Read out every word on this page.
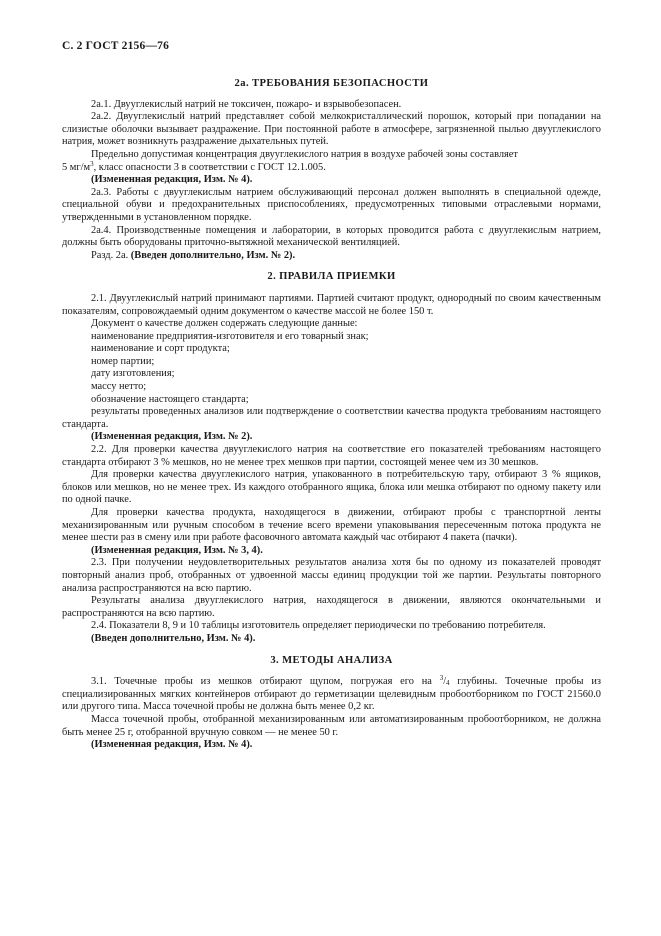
С. 2 ГОСТ 2156—76
2а. ТРЕБОВАНИЯ БЕЗОПАСНОСТИ

2а.1. Двууглекислый натрий не токсичен, пожаро- и взрывобезопасен.

2а.2. Двууглекислый натрий представляет собой мелкокристаллический порошок, который при попадании на слизистые оболочки вызывает раздражение. При постоянной работе в атмосфере, загрязненной пылью двууглекислого натрия, может возникнуть раздражение дыхательных путей.

Предельно допустимая концентрация двууглекислого натрия в воздухе рабочей зоны составляет

5 $мг/м^3$, класс опасности 3 в соответствии с ГОСТ 12.1.005.

(Измененная редакция, Изм. № 4).

2а.3. Работы с двууглекислым натрием обслуживающий персонал должен выполнять в специальной одежде, специальной обуви и предохранительных приспособлениях, предусмотренных типовыми отраслевыми нормами, утвержденными в установленном порядке.

2а.4. Производственные помещения и лаборатории, в которых проводится работа с двууглекислым натрием, должны быть оборудованы приточно-вытяжной механической вентиляцией.

Разд. 2а. (Введен дополнительно, Изм. № 2).

2. ПРАВИЛА ПРИЕМКИ

2.1. Двууглекислый натрий принимают партиями. Партией считают продукт, однородный по своим качественным показателям, сопровождаемый одним документом о качестве массой не более 150 т.

Документ о качестве должен содержать следующие данные:

наименование предприятия-изготовителя и его товарный знак;

наименование и сорт продукта;

номер партии;

дату изготовления;

массу нетто;

обозначение настоящего стандарта;

результаты проведенных анализов или подтверждение о соответствии качества продукта требованиям настоящего стандарта.

(Измененная редакция, Изм. № 2).

2.2. Для проверки качества двууглекислого натрия на соответствие его показателей требованиям настоящего стандарта отбирают 3 % мешков, но не менее трех мешков при партии, состоящей менее чем из 30 мешков.

Для проверки качества двууглекислого натрия, упакованного в потребительскую тару, отбирают 3 % ящиков, блоков или мешков, но не менее трех. Из каждого отобранного ящика, блока или мешка отбирают по одному пакету или по одной пачке.

Для проверки качества продукта, находящегося в движении, отбирают пробы с транспортной ленты механизированным или ручным способом в течение всего времени упаковывания пересеченным потока продукта не менее шести раз в смену или при работе фасовочного автомата каждый час отбирают 4 пакета (пачки).

(Измененная редакция, Изм. № 3, 4).

2.3. При получении неудовлетворительных результатов анализа хотя бы по одному из показателей проводят повторный анализ проб, отобранных от удвоенной массы единиц продукции той же партии. Результаты повторного анализа распространяются на всю партию.

Результаты анализа двууглекислого натрия, находящегося в движении, являются окончательными и распространяются на всю партию.

2.4. Показатели 8, 9 и 10 таблицы изготовитель определяет периодически по требованию потребителя.

(Введен дополнительно, Изм. № 4).

3. МЕТОДЫ АНАЛИЗА

3.1. Точечные пробы из мешков отбирают щупом, погружая его на $^3/_4$ глубины. Точечные пробы из специализированных мягких контейнеров отбирают до герметизации щелевидным пробоотборником по ГОСТ 21560.0 или другого типа. Масса точечной пробы не должна быть менее 0,2 кг.

Масса точечной пробы, отобранной механизированным или автоматизированным пробоотборником, не должна быть менее 25 г, отобранной вручную совком — не менее 50 г.

(Измененная редакция, Изм. № 4).
